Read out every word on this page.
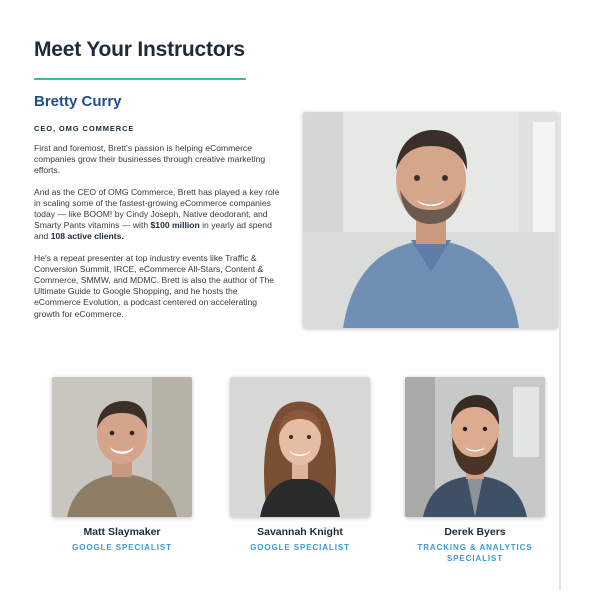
Meet Your Instructors
Bretty Curry

CEO, OMG COMMERCE

First and foremost, Brett's passion is helping eCommerce companies grow their businesses through creative marketing efforts.

And as the CEO of OMG Commerce, Brett has played a key role in scaling some of the fastest-growing eCommerce companies today — like BOOM! by Cindy Joseph, Native deodorant, and Smarty Pants vitamins — with $100 million in yearly ad spend and 108 active clients.

He's a repeat presenter at top industry events like Traffic & Conversion Summit, IRCE, eCommerce All-Stars, Content & Commerce, SMMW, and MDMC. Brett is also the author of The Ultimate Guide to Google Shopping, and he hosts the eCommerce Evolution, a podcast centered on accelerating growth for eCommerce.

Matt Slaymaker

GOOGLE SPECIALIST

Savannah Knight

GOOGLE SPECIALIST

Derek Byers

TRACKING & ANALYTICS SPECIALIST
